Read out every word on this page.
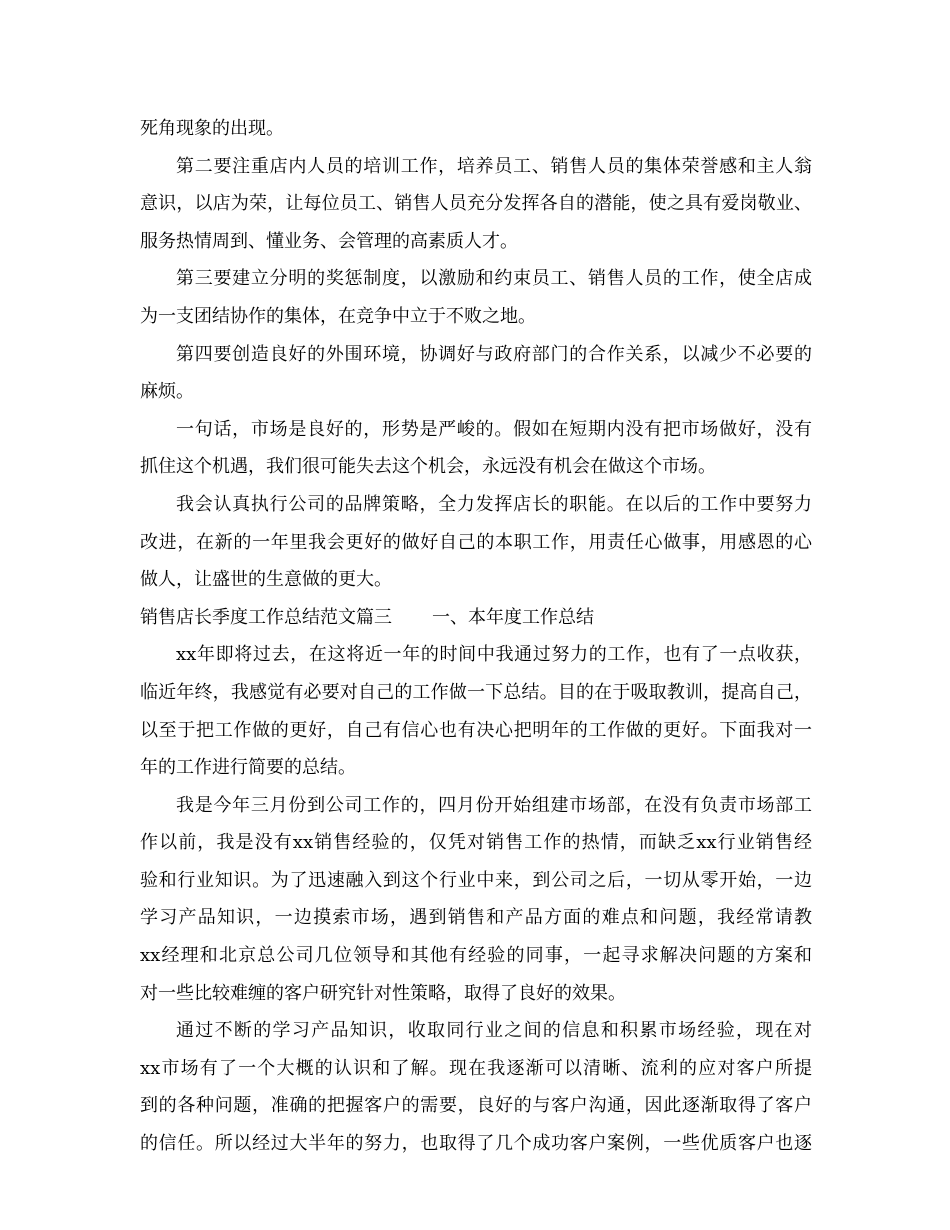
死角现象的出现。
第二要注重店内人员的培训工作，培养员工、销售人员的集体荣誉感和主人翁
意识，以店为荣，让每位员工、销售人员充分发挥各自的潜能，使之具有爱岗敬业、
服务热情周到、懂业务、会管理的高素质人才。
第三要建立分明的奖惩制度，以激励和约束员工、销售人员的工作，使全店成
为一支团结协作的集体，在竞争中立于不败之地。
第四要创造良好的外围环境，协调好与政府部门的合作关系，以减少不必要的
麻烦。
一句话，市场是良好的，形势是严峻的。假如在短期内没有把市场做好，没有
抓住这个机遇，我们很可能失去这个机会，永远没有机会在做这个市场。
我会认真执行公司的品牌策略，全力发挥店长的职能。在以后的工作中要努力
改进，在新的一年里我会更好的做好自己的本职工作，用责任心做事，用感恩的心
做人，让盛世的生意做的更大。
销售店长季度工作总结范文篇三 一、本年度工作总结
xx年即将过去，在这将近一年的时间中我通过努力的工作，也有了一点收获，
临近年终，我感觉有必要对自己的工作做一下总结。目的在于吸取教训，提高自己，
以至于把工作做的更好，自己有信心也有决心把明年的工作做的更好。下面我对一
年的工作进行简要的总结。
我是今年三月份到公司工作的，四月份开始组建市场部，在没有负责市场部工
作以前，我是没有xx销售经验的，仅凭对销售工作的热情，而缺乏xx行业销售经
验和行业知识。为了迅速融入到这个行业中来，到公司之后，一切从零开始，一边
学习产品知识，一边摸索市场，遇到销售和产品方面的难点和问题，我经常请教
xx经理和北京总公司几位领导和其他有经验的同事，一起寻求解决问题的方案和
对一些比较难缠的客户研究针对性策略，取得了良好的效果。
通过不断的学习产品知识，收取同行业之间的信息和积累市场经验，现在对
xx市场有了一个大概的认识和了解。现在我逐渐可以清晰、流利的应对客户所提
到的各种问题，准确的把握客户的需要，良好的与客户沟通，因此逐渐取得了客户
的信任。所以经过大半年的努力，也取得了几个成功客户案例，一些优质客户也逐
